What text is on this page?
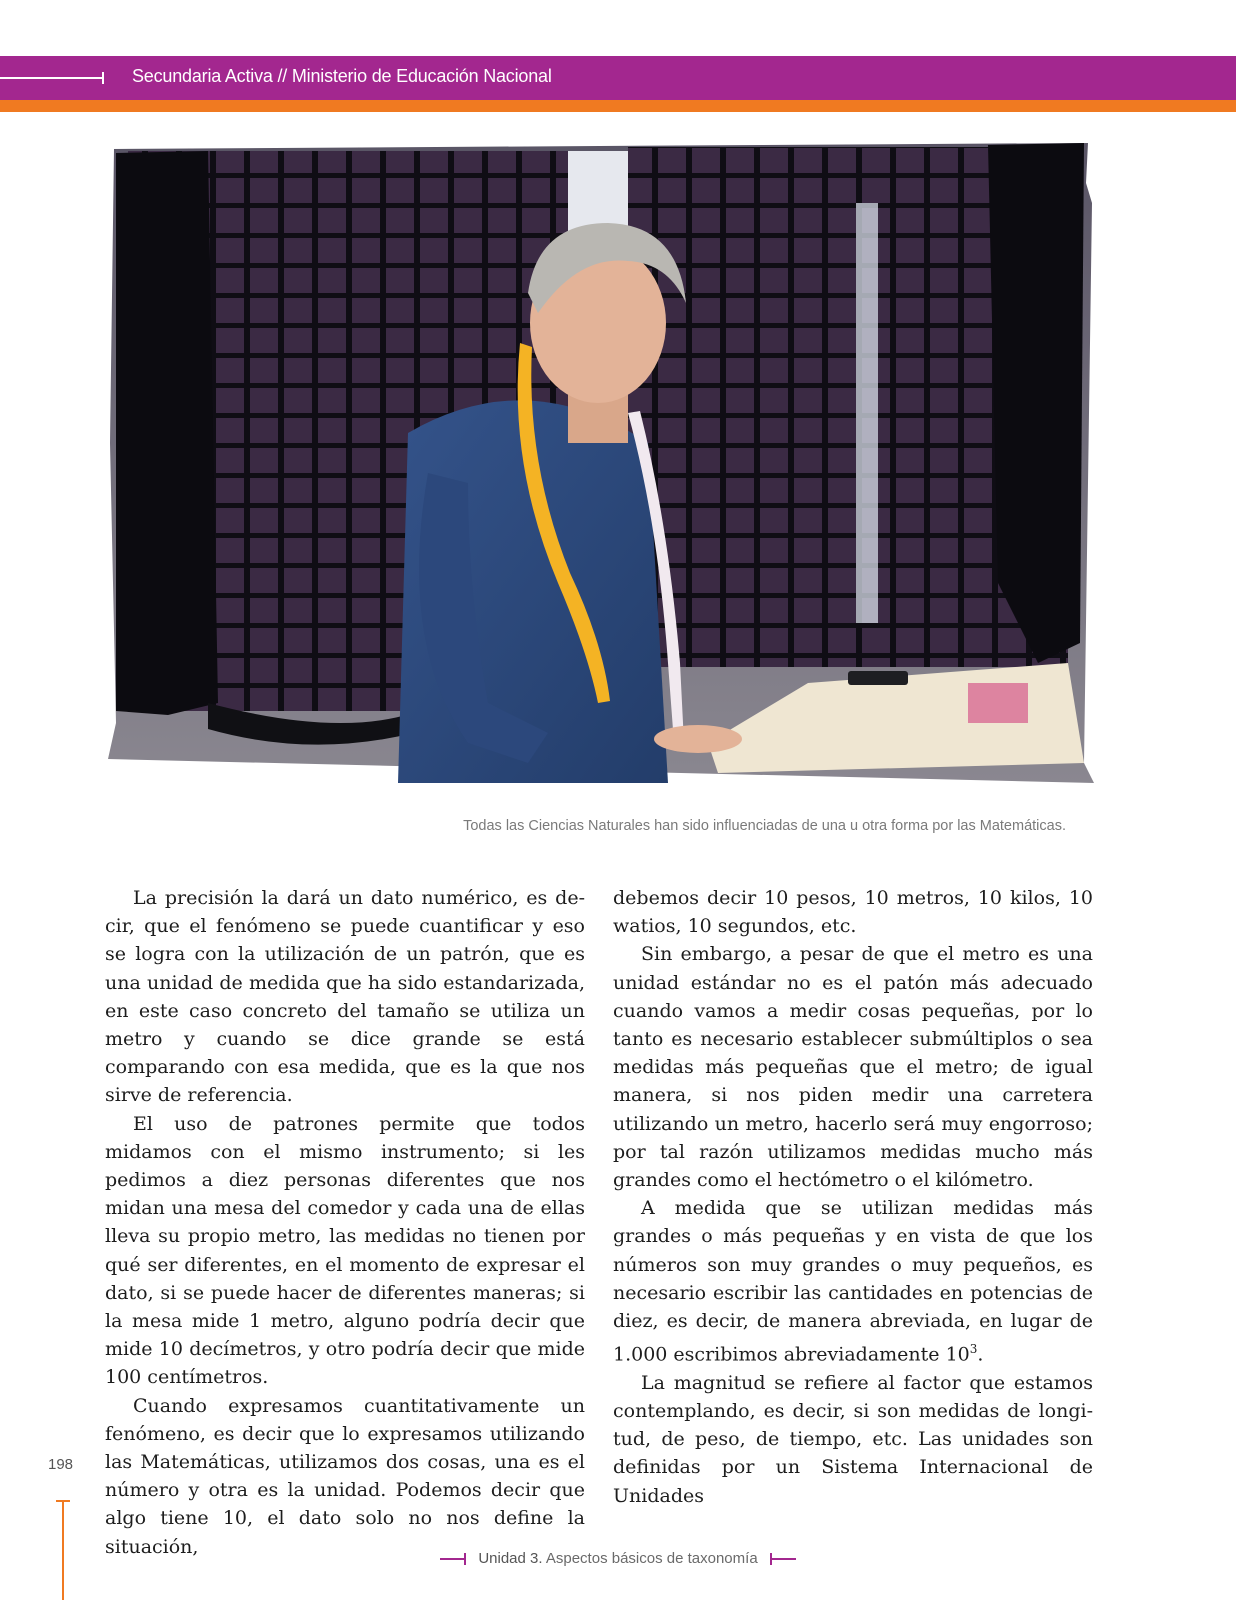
Secundaria Activa // Ministerio de Educación Nacional
Todas las Ciencias Naturales han sido influenciadas de una u otra forma por las Matemáticas.

La precisión la dará un dato numérico, es decir, que el fenómeno se puede cuantificar y eso se logra con la utilización de un patrón, que es una unidad de medida que ha sido estandarizada, en este caso concreto del tamaño se utiliza un metro y cuando se dice grande se está comparando con esa medida, que es la que nos sirve de referencia.

El uso de patrones permite que todos midamos con el mismo instrumento; si les pedimos a diez personas diferentes que nos midan una mesa del comedor y cada una de ellas lleva su propio metro, las medidas no tienen por qué ser diferentes, en el momento de expresar el dato, si se puede hacer de diferentes maneras; si la mesa mide 1 metro, alguno podría decir que mide 10 decímetros, y otro podría decir que mide 100 centímetros.

Cuando expresamos cuantitativamente un fenómeno, es decir que lo expresamos utilizando las Matemáticas, utilizamos dos cosas, una es el número y otra es la unidad. Podemos decir que algo tiene 10, el dato solo no nos define la situación,

debemos decir 10 pesos, 10 metros, 10 kilos, 10 watios, 10 segundos, etc.

Sin embargo, a pesar de que el metro es una unidad estándar no es el patón más adecuado cuando vamos a medir cosas pequeñas, por lo tanto es necesario establecer submúltiplos o sea medidas más pequeñas que el metro; de igual manera, si nos piden medir una carretera utilizando un metro, hacerlo será muy engorroso; por tal razón utilizamos medidas mucho más grandes como el hectómetro o el kilómetro.

A medida que se utilizan medidas más grandes o más pequeñas y en vista de que los números son muy grandes o muy pequeños, es necesario escribir las cantidades en potencias de diez, es decir, de manera abreviada, en lugar de 1.000 escribimos abreviadamente $10^3$.

La magnitud se refiere al factor que estamos contemplando, es decir, si son medidas de longitud, de peso, de tiempo, etc. Las unidades son definidas por un Sistema Internacional de Unidades

198
Unidad 3. Aspectos básicos de taxonomía
